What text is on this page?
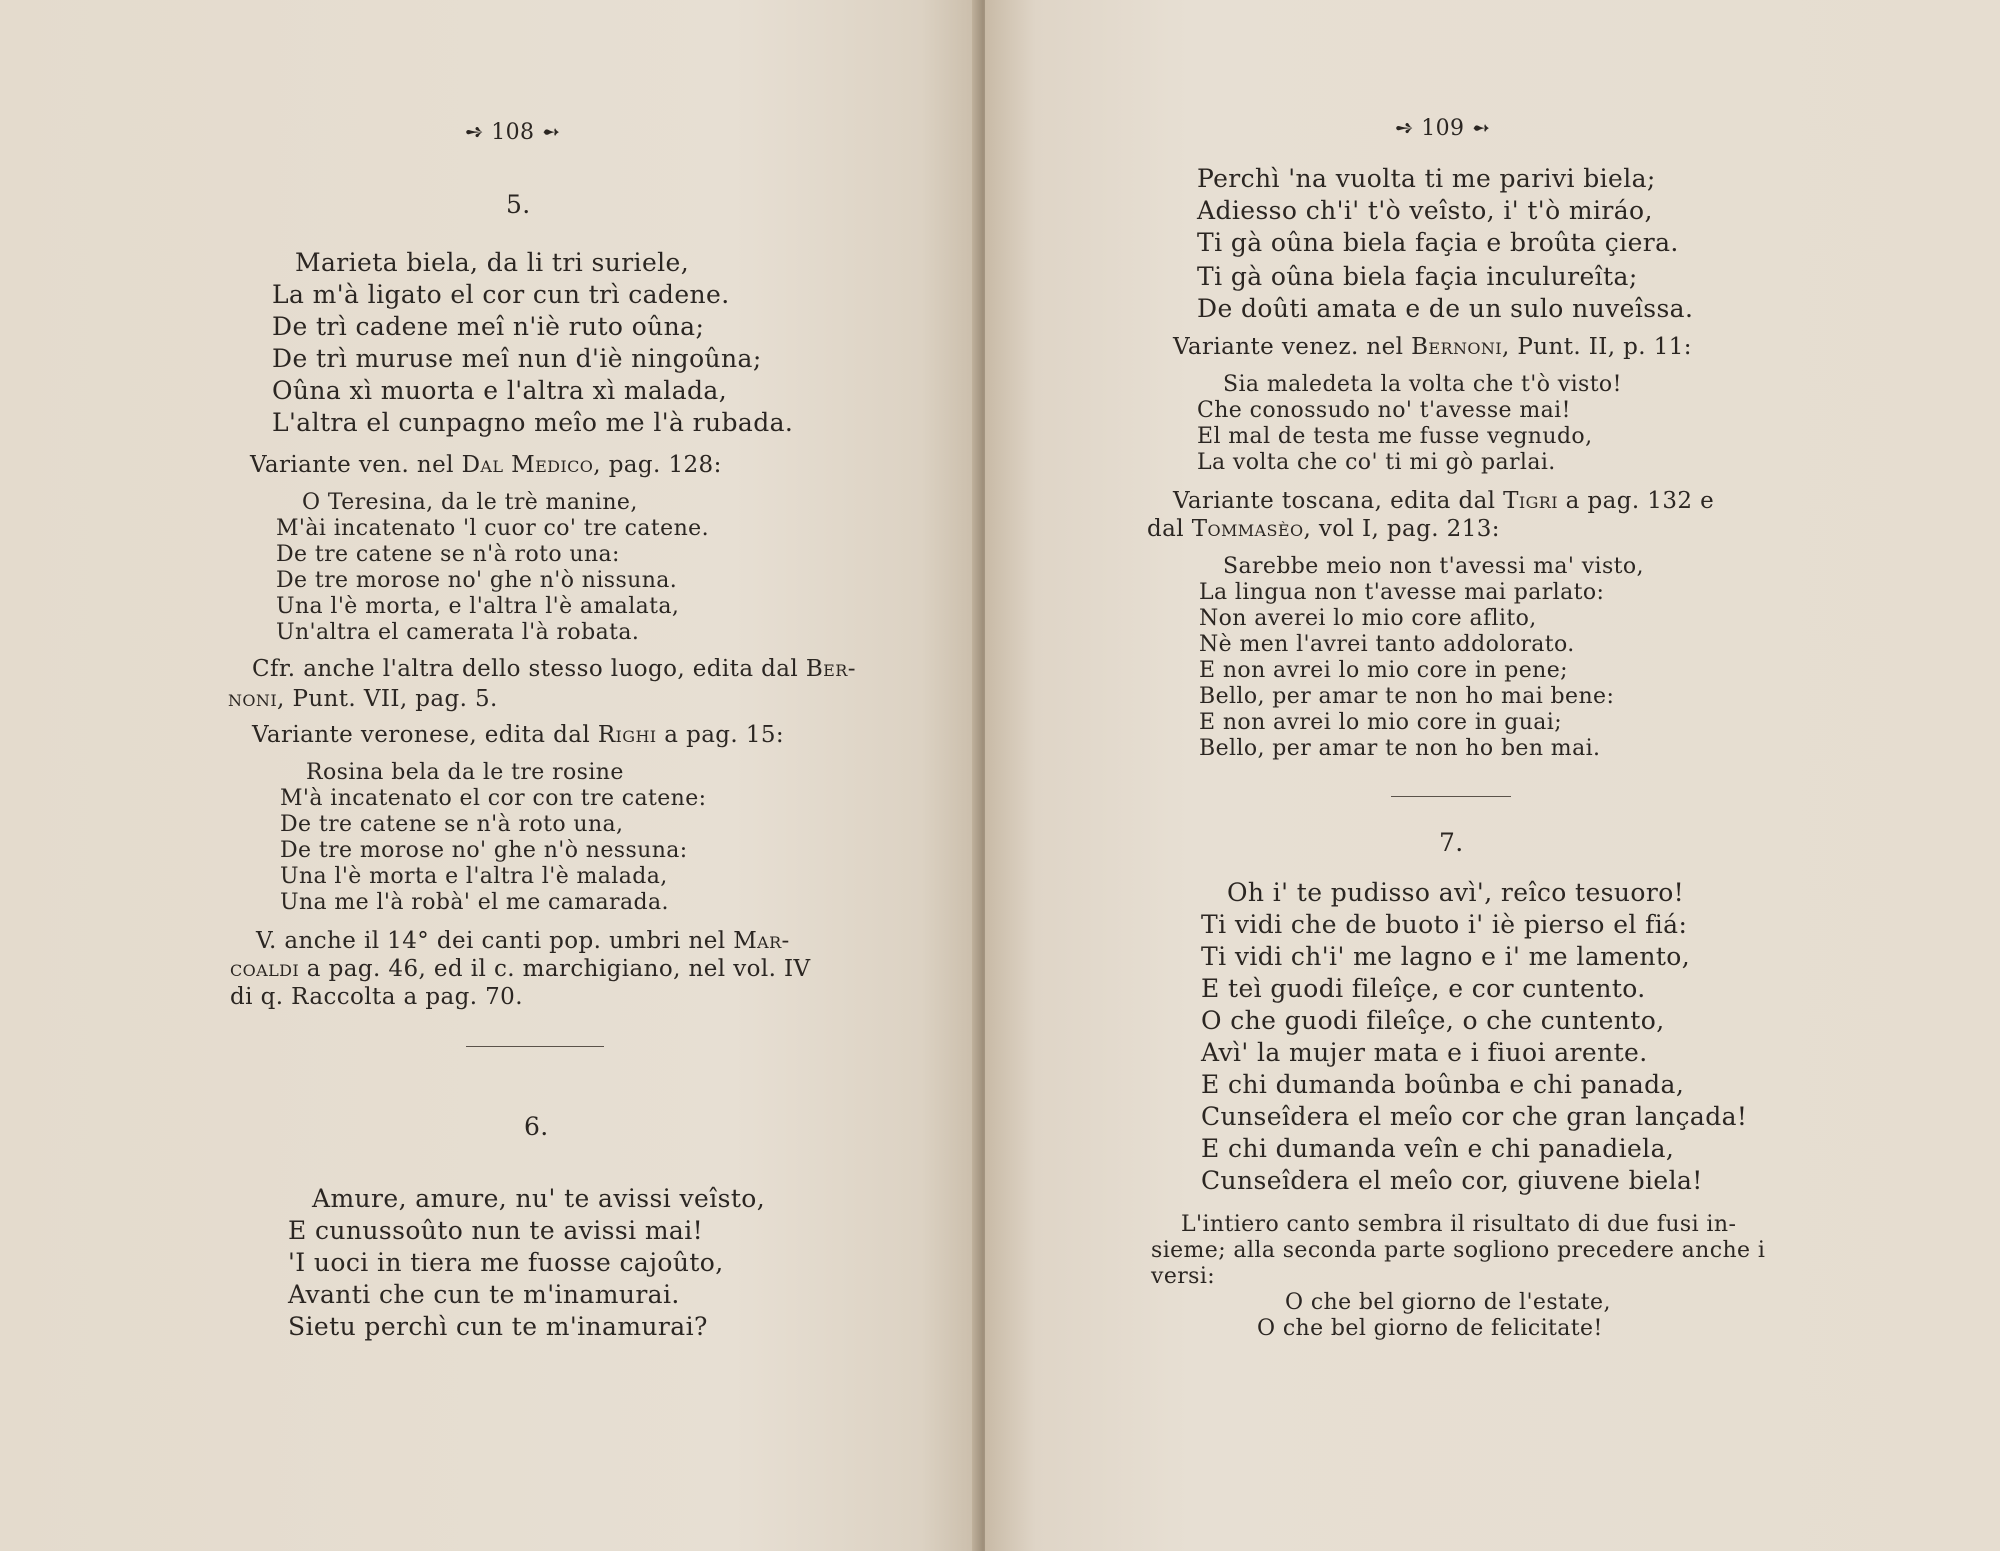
➺ 108 ➻
5.
Marieta biela, da li tri suriele,
La m'à ligato el cor cun trì cadene.
De trì cadene meî n'iè ruto oûna;
De trì muruse meî nun d'iè ningoûna;
Oûna xì muorta e l'altra xì malada,
L'altra el cunpagno meîo me l'à rubada.
Variante ven. nel Dal Medico, pag. 128:
O Teresina, da le trè manine,
M'ài incatenato 'l cuor co' tre catene.
De tre catene se n'à roto una:
De tre morose no' ghe n'ò nissuna.
Una l'è morta, e l'altra l'è amalata,
Un'altra el camerata l'à robata.
Cfr. anche l'altra dello stesso luogo, edita dal Ber-
noni, Punt. VII, pag. 5.
Variante veronese, edita dal Righi a pag. 15:
Rosina bela da le tre rosine
M'à incatenato el cor con tre catene:
De tre catene se n'à roto una,
De tre morose no' ghe n'ò nessuna:
Una l'è morta e l'altra l'è malada,
Una me l'à robà' el me camarada.
V. anche il 14° dei canti pop. umbri nel Mar-
coaldi a pag. 46, ed il c. marchigiano, nel vol. IV
di q. Raccolta a pag. 70.
6.
Amure, amure, nu' te avissi veîsto,
E cunussoûto nun te avissi mai!
'I uoci in tiera me fuosse cajoûto,
Avanti che cun te m'inamurai.
Sietu perchì cun te m'inamurai?
➺ 109 ➻
Perchì 'na vuolta ti me parivi biela;
Adiesso ch'i' t'ò veîsto, i' t'ò miráo,
Ti gà oûna biela façia e broûta çiera.
Ti gà oûna biela façia inculureîta;
De doûti amata e de un sulo nuveîssa.
Variante venez. nel Bernoni, Punt. II, p. 11:
Sia maledeta la volta che t'ò visto!
Che conossudo no' t'avesse mai!
El mal de testa me fusse vegnudo,
La volta che co' ti mi gò parlai.
Variante toscana, edita dal Tigri a pag. 132 e
dal Tommasèo, vol I, pag. 213:
Sarebbe meio non t'avessi ma' visto,
La lingua non t'avesse mai parlato:
Non averei lo mio core aflito,
Nè men l'avrei tanto addolorato.
E non avrei lo mio core in pene;
Bello, per amar te non ho mai bene:
E non avrei lo mio core in guai;
Bello, per amar te non ho ben mai.
7.
Oh i' te pudisso avì', reîco tesuoro!
Ti vidi che de buoto i' iè pierso el fiá:
Ti vidi ch'i' me lagno e i' me lamento,
E teì guodi fileîçe, e cor cuntento.
O che guodi fileîçe, o che cuntento,
Avì' la mujer mata e i fiuoi arente.
E chi dumanda boûnba e chi panada,
Cunseîdera el meîo cor che gran lançada!
E chi dumanda veîn e chi panadiela,
Cunseîdera el meîo cor, giuvene biela!
L'intiero canto sembra il risultato di due fusi in-
sieme; alla seconda parte sogliono precedere anche i
versi:
O che bel giorno de l'estate,
O che bel giorno de felicitate!
